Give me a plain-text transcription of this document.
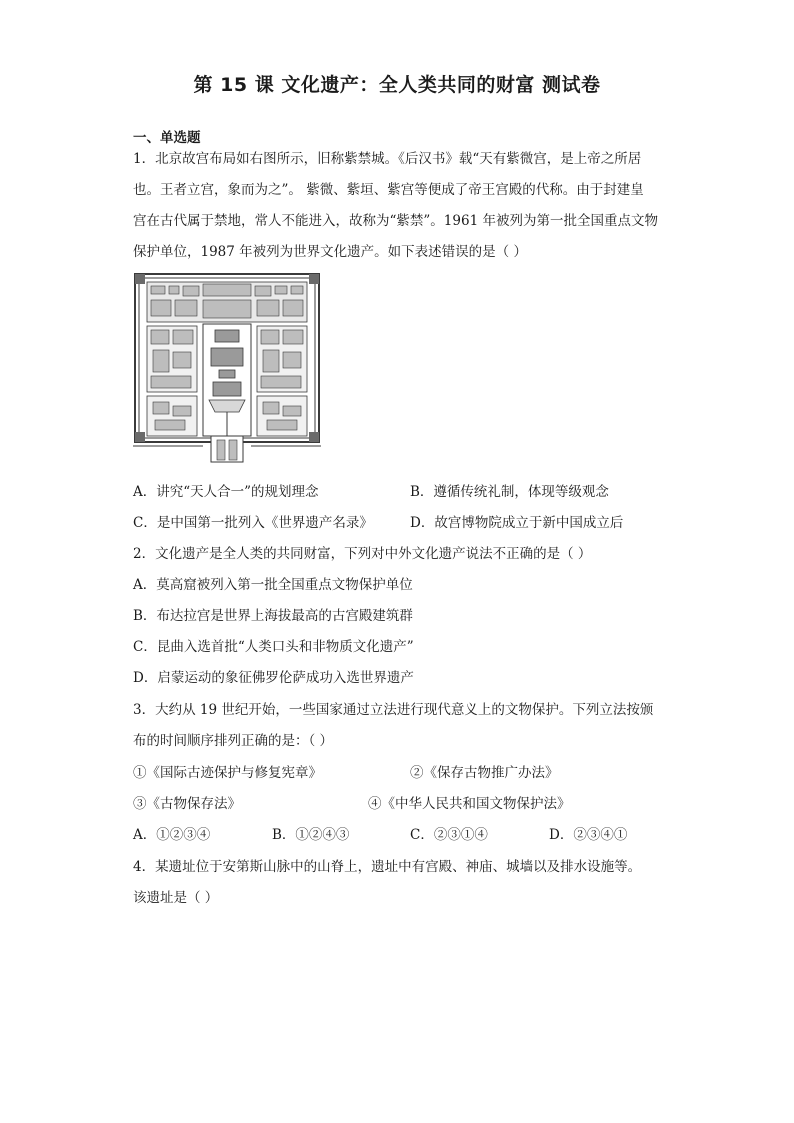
第 15 课 文化遗产：全人类共同的财富 测试卷
一、单选题
1．北京故宫布局如右图所示，旧称紫禁城。《后汉书》载“天有紫微宫，是上帝之所居
也。王者立宫，象而为之”。 紫微、紫垣、紫宫等便成了帝王宫殿的代称。由于封建皇
宫在古代属于禁地，常人不能进入，故称为“紫禁”。1961 年被列为第一批全国重点文物
保护单位，1987 年被列为世界文化遗产。如下表述错误的是（ ）
A．讲究“天人合一”的规划理念	B．遵循传统礼制，体现等级观念
C．是中国第一批列入《世界遗产名录》	D．故宫博物院成立于新中国成立后
2．文化遗产是全人类的共同财富，下列对中外文化遗产说法不正确的是（ ）
A．莫高窟被列入第一批全国重点文物保护单位
B．布达拉宫是世界上海拔最高的古宫殿建筑群
C．昆曲入选首批“人类口头和非物质文化遗产”
D．启蒙运动的象征佛罗伦萨成功入选世界遗产
3．大约从 19 世纪开始，一些国家通过立法进行现代意义上的文物保护。下列立法按颁
布的时间顺序排列正确的是：（ ）
①《国际古迹保护与修复宪章》	②《保存古物推广办法》
③《古物保存法》	④《中华人民共和国文物保护法》
A．①②③④	B．①②④③	C．②③①④	D．②③④①
4．某遗址位于安第斯山脉中的山脊上，遗址中有宫殿、神庙、城墙以及排水设施等。
该遗址是（ ）
